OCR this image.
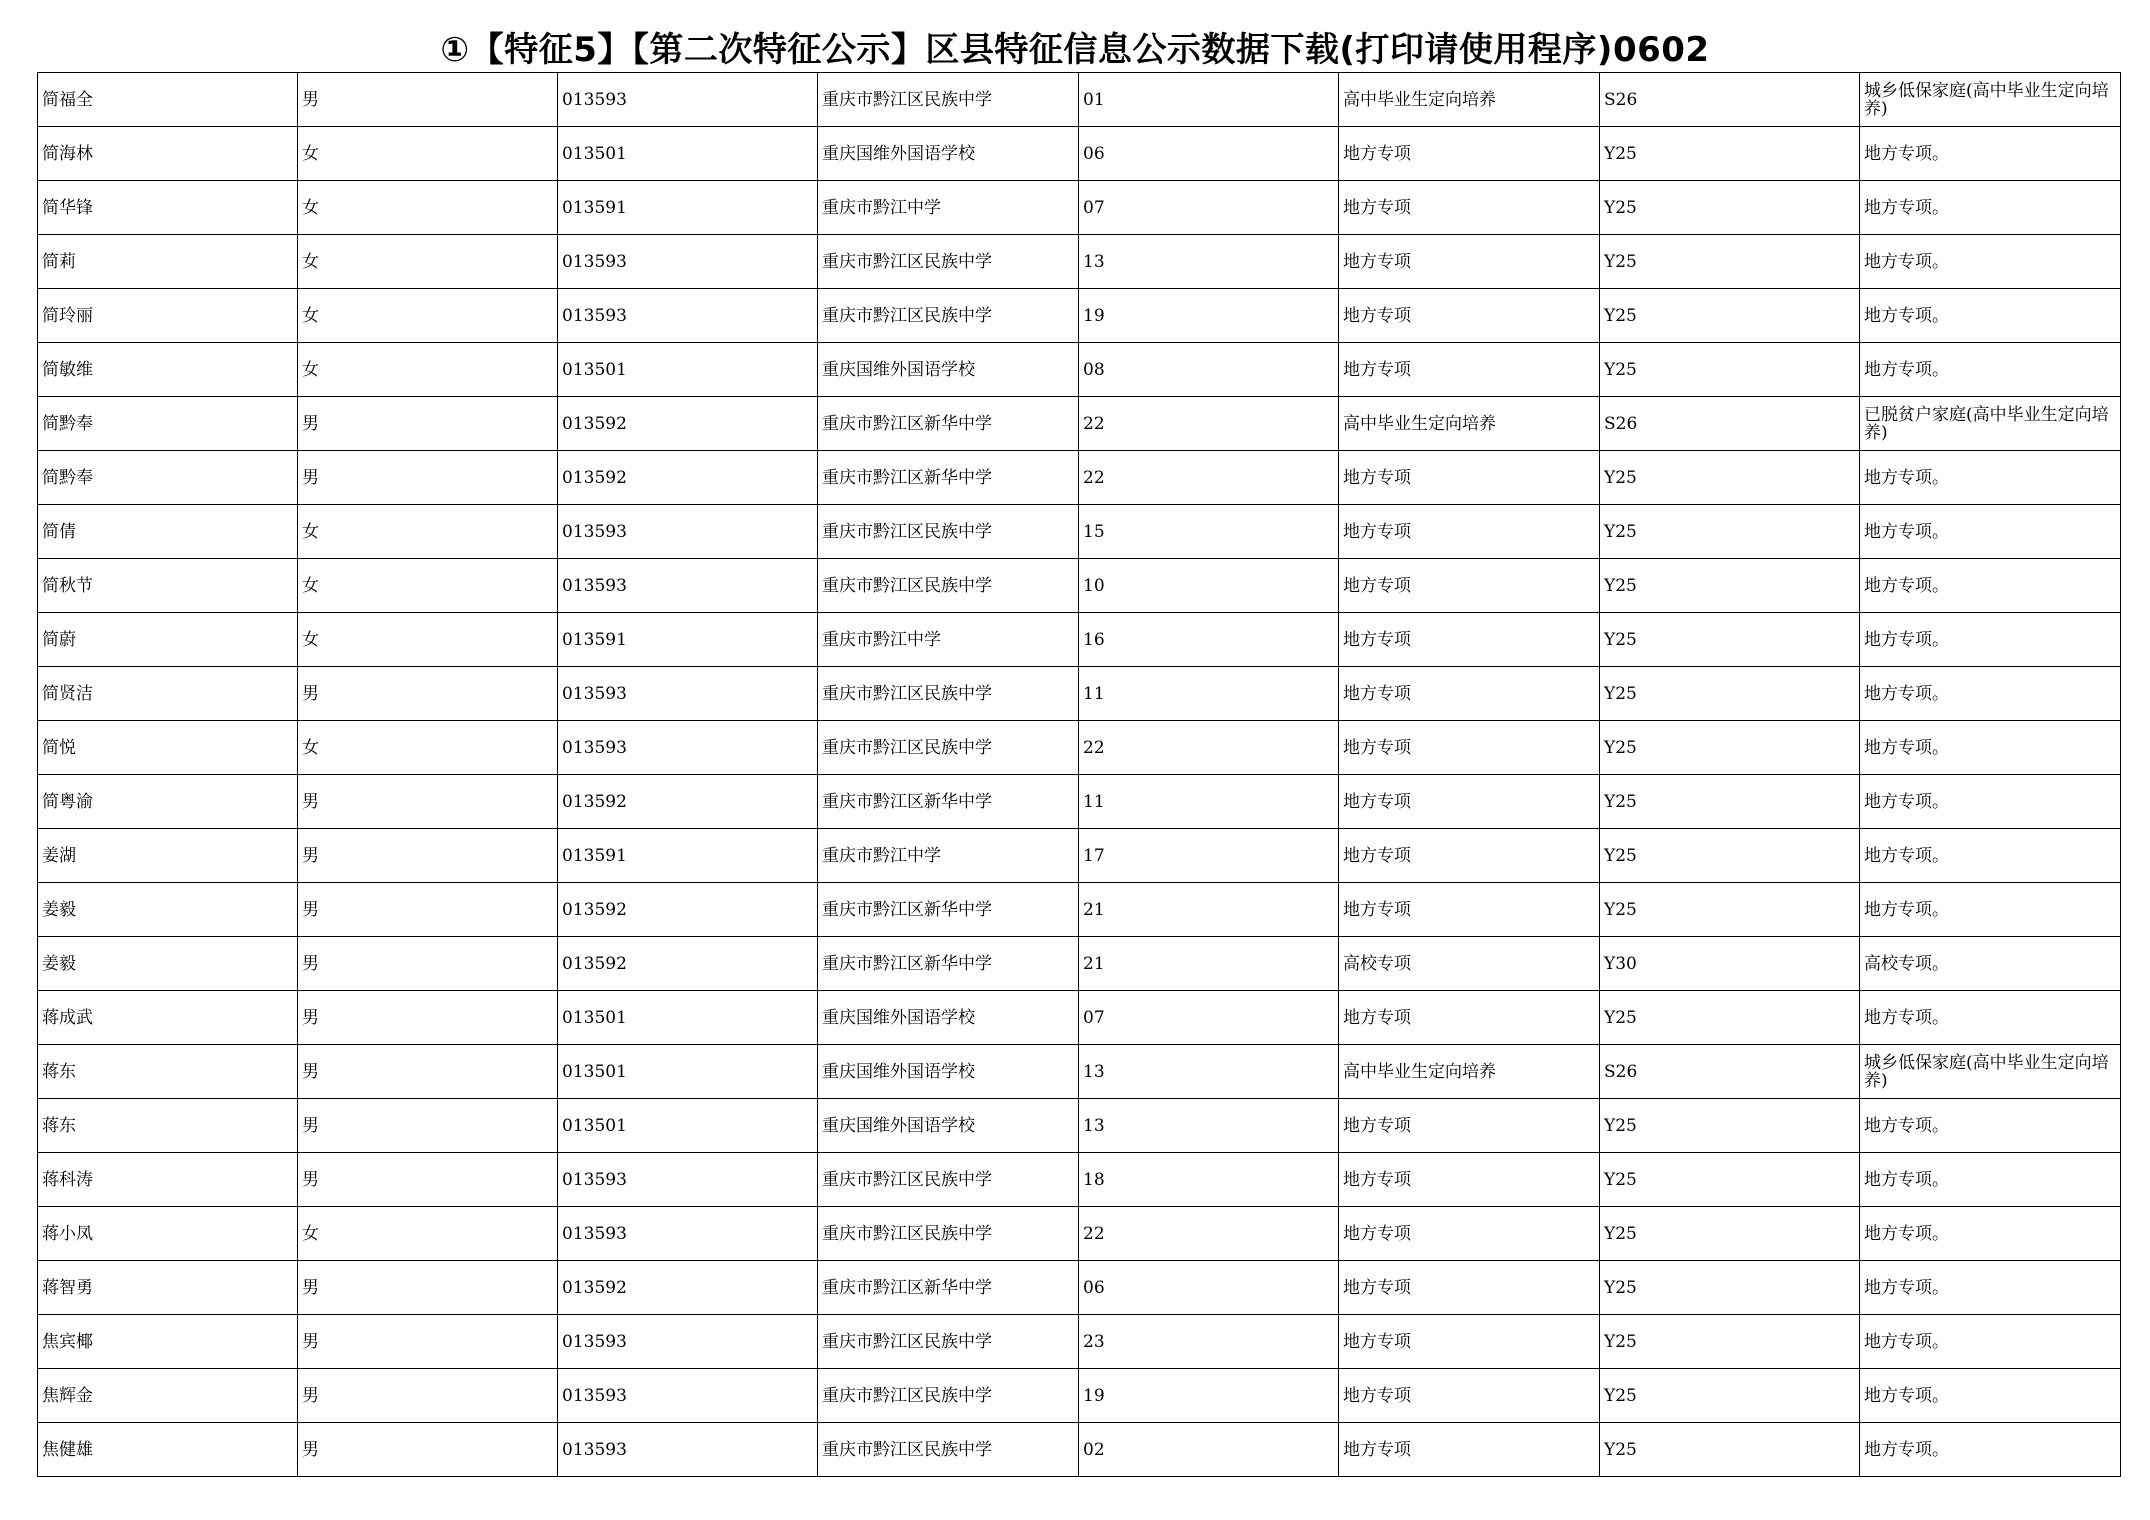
①【特征5】【第二次特征公示】区县特征信息公示数据下载(打印请使用程序)0602
简福全	男	013593	重庆市黔江区民族中学	01	高中毕业生定向培养	S26	城乡低保家庭(高中毕业生定向培养)
简海林	女	013501	重庆国维外国语学校	06	地方专项	Y25	地方专项。
简华锋	女	013591	重庆市黔江中学	07	地方专项	Y25	地方专项。
简莉	女	013593	重庆市黔江区民族中学	13	地方专项	Y25	地方专项。
简玲丽	女	013593	重庆市黔江区民族中学	19	地方专项	Y25	地方专项。
简敏维	女	013501	重庆国维外国语学校	08	地方专项	Y25	地方专项。
简黔奉	男	013592	重庆市黔江区新华中学	22	高中毕业生定向培养	S26	已脱贫户家庭(高中毕业生定向培养)
简黔奉	男	013592	重庆市黔江区新华中学	22	地方专项	Y25	地方专项。
简倩	女	013593	重庆市黔江区民族中学	15	地方专项	Y25	地方专项。
简秋节	女	013593	重庆市黔江区民族中学	10	地方专项	Y25	地方专项。
简蔚	女	013591	重庆市黔江中学	16	地方专项	Y25	地方专项。
简贤洁	男	013593	重庆市黔江区民族中学	11	地方专项	Y25	地方专项。
简悦	女	013593	重庆市黔江区民族中学	22	地方专项	Y25	地方专项。
简粤渝	男	013592	重庆市黔江区新华中学	11	地方专项	Y25	地方专项。
姜湖	男	013591	重庆市黔江中学	17	地方专项	Y25	地方专项。
姜毅	男	013592	重庆市黔江区新华中学	21	地方专项	Y25	地方专项。
姜毅	男	013592	重庆市黔江区新华中学	21	高校专项	Y30	高校专项。
蒋成武	男	013501	重庆国维外国语学校	07	地方专项	Y25	地方专项。
蒋东	男	013501	重庆国维外国语学校	13	高中毕业生定向培养	S26	城乡低保家庭(高中毕业生定向培养)
蒋东	男	013501	重庆国维外国语学校	13	地方专项	Y25	地方专项。
蒋科涛	男	013593	重庆市黔江区民族中学	18	地方专项	Y25	地方专项。
蒋小凤	女	013593	重庆市黔江区民族中学	22	地方专项	Y25	地方专项。
蒋智勇	男	013592	重庆市黔江区新华中学	06	地方专项	Y25	地方专项。
焦宾椰	男	013593	重庆市黔江区民族中学	23	地方专项	Y25	地方专项。
焦辉金	男	013593	重庆市黔江区民族中学	19	地方专项	Y25	地方专项。
焦健雄	男	013593	重庆市黔江区民族中学	02	地方专项	Y25	地方专项。
